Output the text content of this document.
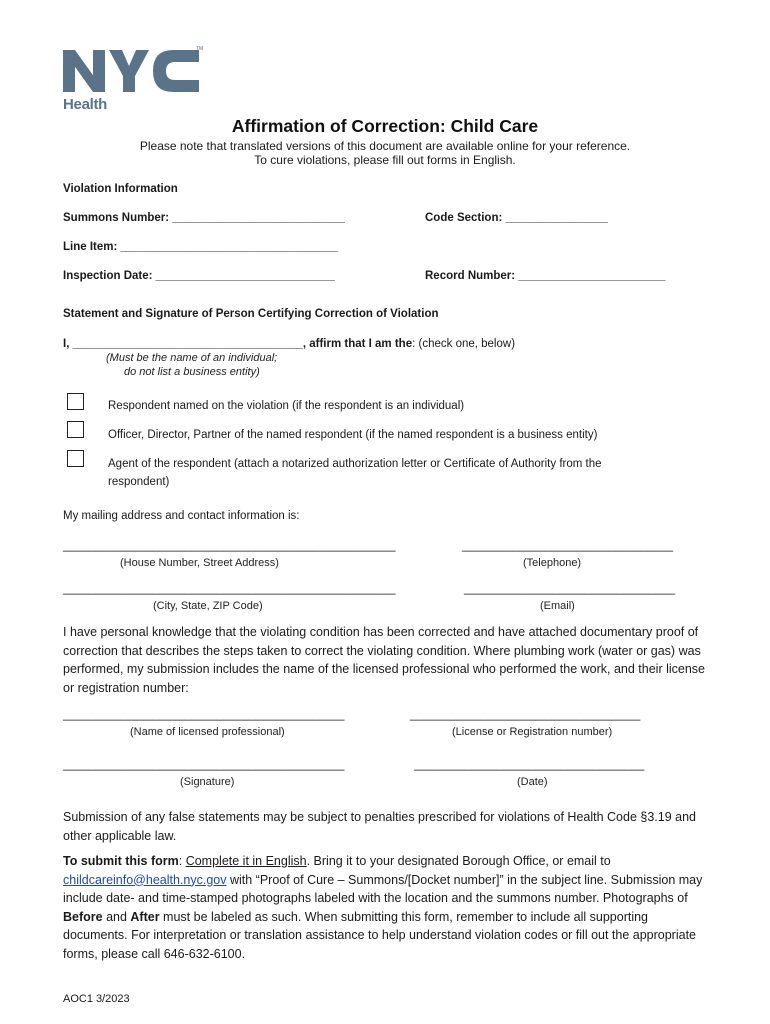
TM
Health
Affirmation of Correction: Child Care
Please note that translated versions of this document are available online for your reference.
To cure violations, please fill out forms in English.
Violation Information
Summons Number: ___________________________	Code Section: ________________
Line Item: __________________________________
Inspection Date: ____________________________	Record Number: _______________________
Statement and Signature of Person Certifying Correction of Violation
I, ____________________________________, affirm that I am the: (check one, below)
(Must be the name of an individual;
do not list a business entity)
Respondent named on the violation (if the respondent is an individual)
Officer, Director, Partner of the named respondent (if the named respondent is a business entity)
Agent of the respondent (attach a notarized authorization letter or Certificate of Authority from the
respondent)
My mailing address and contact information is:
____________________________________________________	_________________________________
(House Number, Street Address)	(Telephone)
____________________________________________________	_________________________________
(City, State, ZIP Code)	(Email)
I have personal knowledge that the violating condition has been corrected and have attached documentary proof of correction that describes the steps taken to correct the violating condition. Where plumbing work (water or gas) was performed, my submission includes the name of the licensed professional who performed the work, and their license or registration number:
____________________________________________	____________________________________
(Name of licensed professional)	(License or Registration number)
____________________________________________	____________________________________
(Signature)	(Date)
Submission of any false statements may be subject to penalties prescribed for violations of Health Code §3.19 and other applicable law.
To submit this form: Complete it in English. Bring it to your designated Borough Office, or email to childcareinfo@health.nyc.gov with “Proof of Cure – Summons/[Docket number]” in the subject line. Submission may include date- and time-stamped photographs labeled with the location and the summons number. Photographs of Before and After must be labeled as such. When submitting this form, remember to include all supporting documents. For interpretation or translation assistance to help understand violation codes or fill out the appropriate forms, please call 646-632-6100.
AOC1 3/2023
